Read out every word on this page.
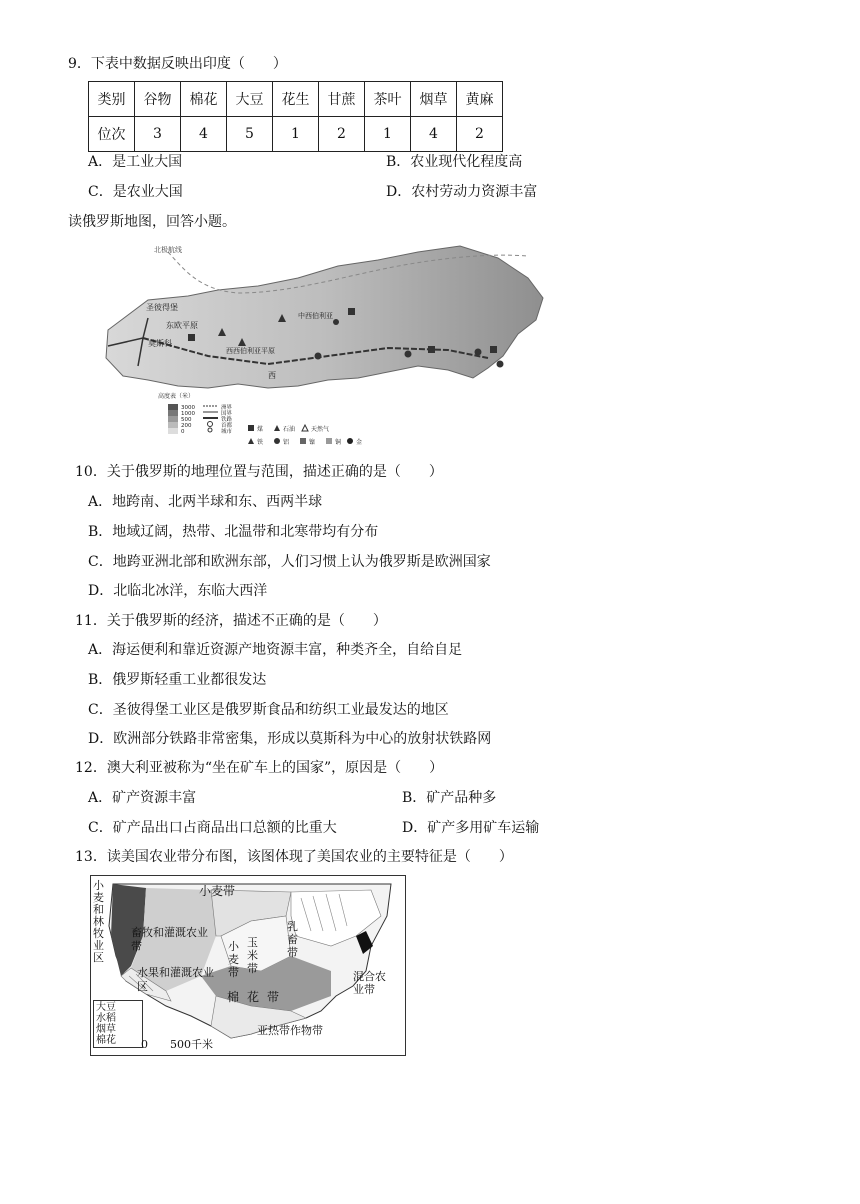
9．下表中数据反映出印度（　　）
类别	谷物	棉花	大豆	花生	甘蔗	茶叶	烟草	黄麻
位次	3	4	5	1	2	1	4	2
A．是工业大国	B．农业现代化程度高
C．是农业大国	D．农村劳动力资源丰富
读俄罗斯地图，回答小题。
圣彼得堡
东欧平原
莫斯科
西西伯利亚平原
中西伯利亚
西
北极航线
高度表（米）
3000
1000
500
200
0
洲界
国界
铁路
首都
城市	煤	石油	天然气
铁	铝	镍	铜 金
10．关于俄罗斯的地理位置与范围，描述正确的是（　　）
A．地跨南、北两半球和东、西两半球
B．地域辽阔，热带、北温带和北寒带均有分布
C．地跨亚洲北部和欧洲东部，人们习惯上认为俄罗斯是欧洲国家
D．北临北冰洋，东临大西洋
11．关于俄罗斯的经济，描述不正确的是（　　）
A．海运便利和靠近资源产地资源丰富，种类齐全，自给自足
B．俄罗斯轻重工业都很发达
C．圣彼得堡工业区是俄罗斯食品和纺织工业最发达的地区
D．欧洲部分铁路非常密集，形成以莫斯科为中心的放射状铁路网
12．澳大利亚被称为“坐在矿车上的国家”，原因是（　　）
A．矿产资源丰富	B．矿产品种多
C．矿产品出口占商品出口总额的比重大	D．矿产多用矿车运输
13．读美国农业带分布图，该图体现了美国农业的主要特征是（　　）
小麦带
小麦和林牧业区
畜牧和灌溉农业带
水果和灌溉农业区
小麦带
玉米带
乳畜带
棉花带
混合农业带
亚热带作物带
大豆
水稻
烟草
棉花	0　　500千米
